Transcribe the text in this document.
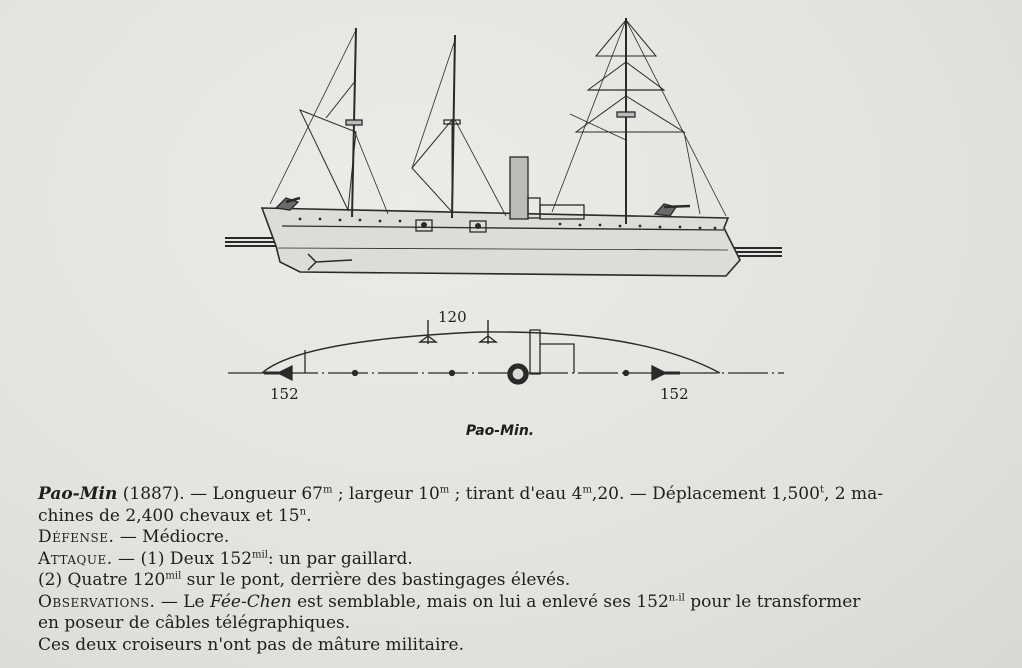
120
152	152
Pao-Min.
Pao-Min (1887). — Longueur 67$^m$ ; largeur 10$^m$ ; tirant d'eau 4$^m$,20. — Déplacement 1,500$^t$, 2 ma-
chines de 2,400 chevaux et 15$^n$.
Défense. — Médiocre.
Attaque. — (1) Deux $152^{mil}$: un par gaillard.
(2) Quatre $120^{mil}$ sur le pont, derrière des bastingages élevés.
Observations. — Le Fée-Chen est semblable, mais on lui a enlevé ses $152^{n.il}$ pour le transformer
en poseur de câbles télégraphiques.
Ces deux croiseurs n'ont pas de mâture militaire.
